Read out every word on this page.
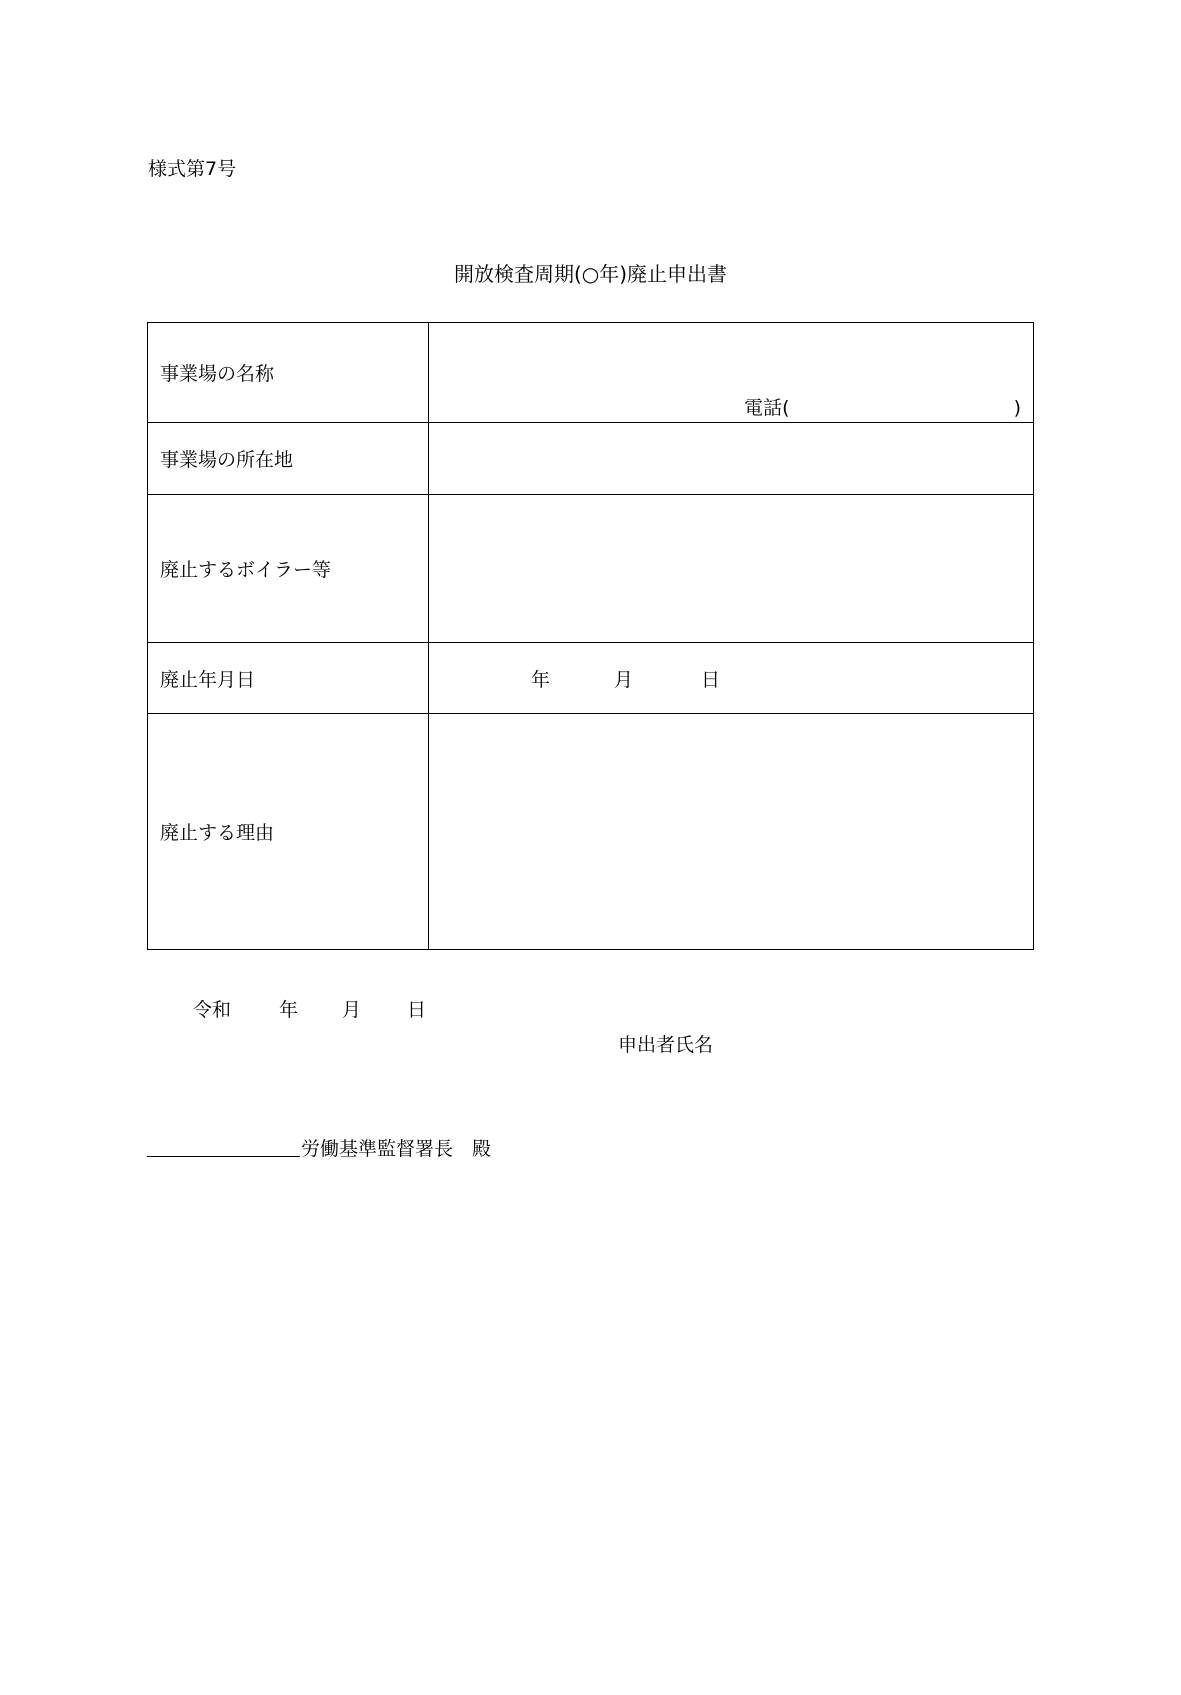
様式第7号
開放検査周期(○年)廃止申出書
事業場の名称	電話( )

事業場の所在地	
廃止するボイラー等	
廃止年月日	年 月 日
廃止する理由	
令和	年 月 日
申出者氏名
労働基準監督署長　殿
